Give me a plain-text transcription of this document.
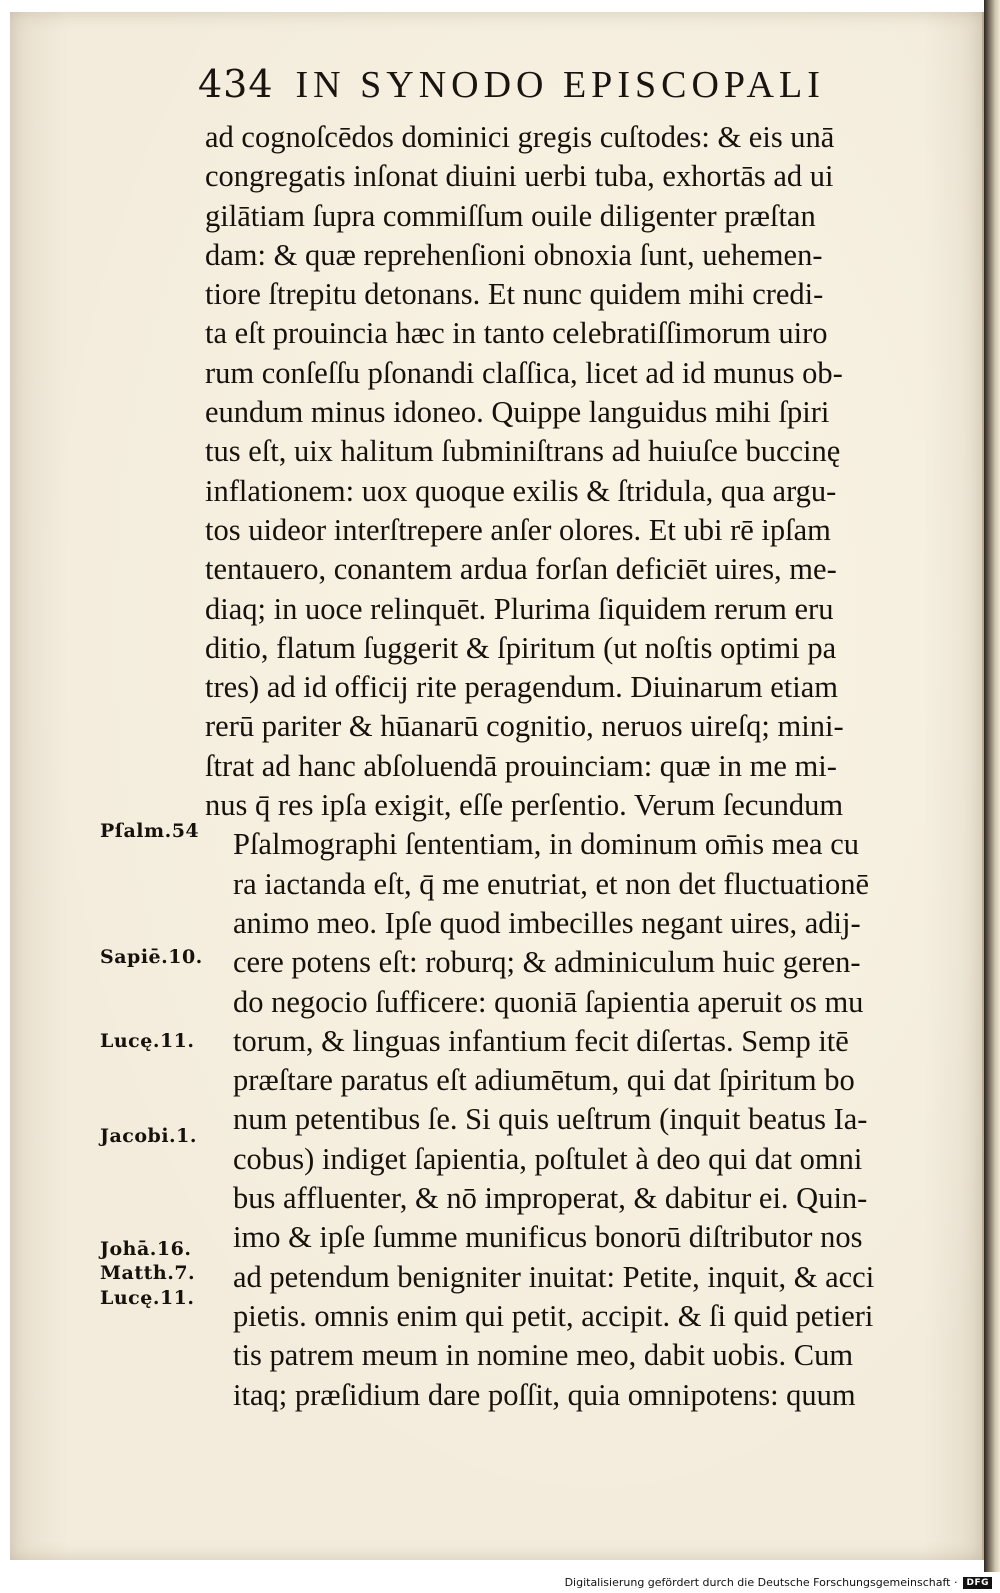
434 IN SYNODO EPISCOPALI
ad cognoſcēdos dominici gregis cuſtodes: & eis unā
congregatis inſonat diuini uerbi tuba, exhortās ad ui
gilātiam ſupra commiſſum ouile diligenter præſtan
dam: & quæ reprehenſioni obnoxia ſunt, uehemen-
tiore ſtrepitu detonans. Et nunc quidem mihi credi-
ta eſt prouincia hæc in tanto celebratiſſimorum uiro
rum conſeſſu pſonandi claſſica, licet ad id munus ob-
eundum minus idoneo. Quippe languidus mihi ſpiri
tus eſt, uix halitum ſubminiſtrans ad huiuſce buccinę
inflationem: uox quoque exilis & ſtridula, qua argu-
tos uideor interſtrepere anſer olores. Et ubi rē ipſam
tentauero, conantem ardua forſan deficiēt uires, me-
diaq; in uoce relinquēt. Plurima ſiquidem rerum eru
ditio, flatum ſuggerit & ſpiritum (ut noſtis optimi pa
tres) ad id officij rite peragendum. Diuinarum etiam
rerū pariter & hūanarū cognitio, neruos uireſq; mini-
ſtrat ad hanc abſoluendā prouinciam: quæ in me mi-
nus q̄ res ipſa exigit, eſſe perſentio. Verum ſecundum
Pſalmographi ſententiam, in dominum om̄is mea cu
ra iactanda eſt, q̄ me enutriat, et non det fluctuationē
animo meo. Ipſe quod imbecilles negant uires, adij-
cere potens eſt: roburq; & adminiculum huic geren-
do negocio ſufficere: quoniā ſapientia aperuit os mu
torum, & linguas infantium fecit diſertas. Semp itē
præſtare paratus eſt adiumētum, qui dat ſpiritum bo
num petentibus ſe. Si quis ueſtrum (inquit beatus Ia-
cobus) indiget ſapientia, poſtulet à deo qui dat omni
bus affluenter, & nō improperat, & dabitur ei. Quin-
imo & ipſe ſumme munificus bonorū diſtributor nos
ad petendum benigniter inuitat: Petite, inquit, & acci
pietis. omnis enim qui petit, accipit. & ſi quid petieri
tis patrem meum in nomine meo, dabit uobis. Cum
itaq; præſidium dare poſſit, quia omnipotens: quum
Pſalm.54
Sapiē.10.
Lucę.11.
Jacobi.1.
Johā.16.
Matth.7.
Lucę.11.
Digitalisierung gefördert durch die Deutsche Forschungsgemeinschaft ·	DFG
